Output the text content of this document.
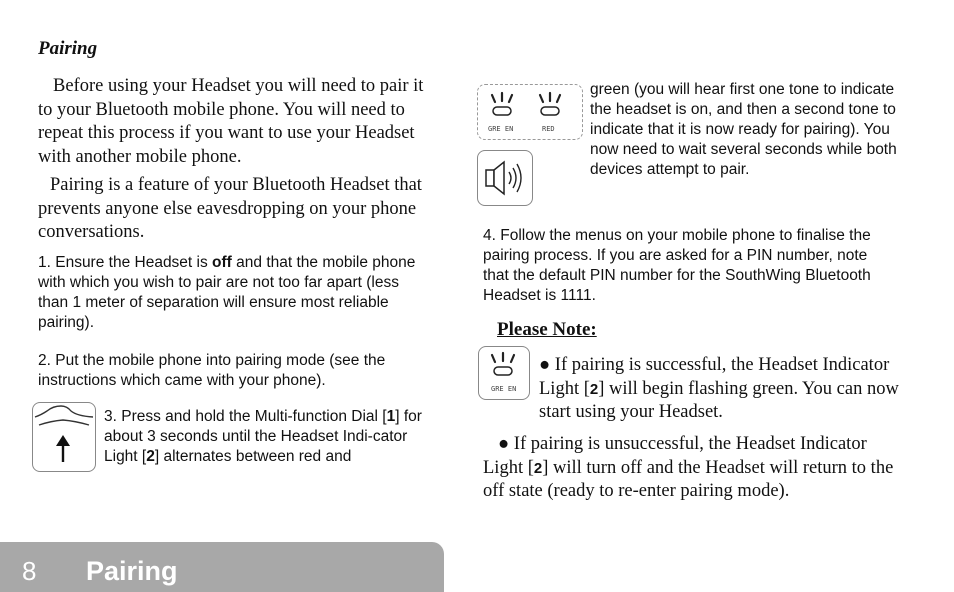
Pairing
Before using your Headset you will need to pair it to your Bluetooth mobile phone. You will need to repeat this process if you want to use your Headset with another mobile phone.
Pairing is a feature of your Bluetooth Headset that prevents anyone else eavesdropping on your phone conversations.
1. Ensure the Headset is off and that the mobile phone with which you wish to pair are not too far apart (less than 1 meter of separation will ensure most reliable pairing).
2. Put the mobile phone into pairing mode (see the instructions which came with your phone).
3. Press and hold the Multi-function Dial [1] for about 3 seconds until the Headset Indi-cator Light [2] alternates between red and
GRE EN	RED
green (you will hear first one tone to indicate the headset is on, and then a second tone to indicate that it is now ready for pairing). You now need to wait several seconds while both devices attempt to pair.
4. Follow the menus on your mobile phone to finalise the pairing process. If you are asked for a PIN number, note that the default PIN number for the SouthWing Bluetooth Headset is 1111.
Please Note:
GRE EN
● If pairing is successful, the Headset Indicator Light [2] will begin flashing green. You can now start using your Headset.
● If pairing is unsuccessful, the Headset Indicator Light [2] will turn off and the Headset will return to the off state (ready to re-enter pairing mode).
8 Pairing
